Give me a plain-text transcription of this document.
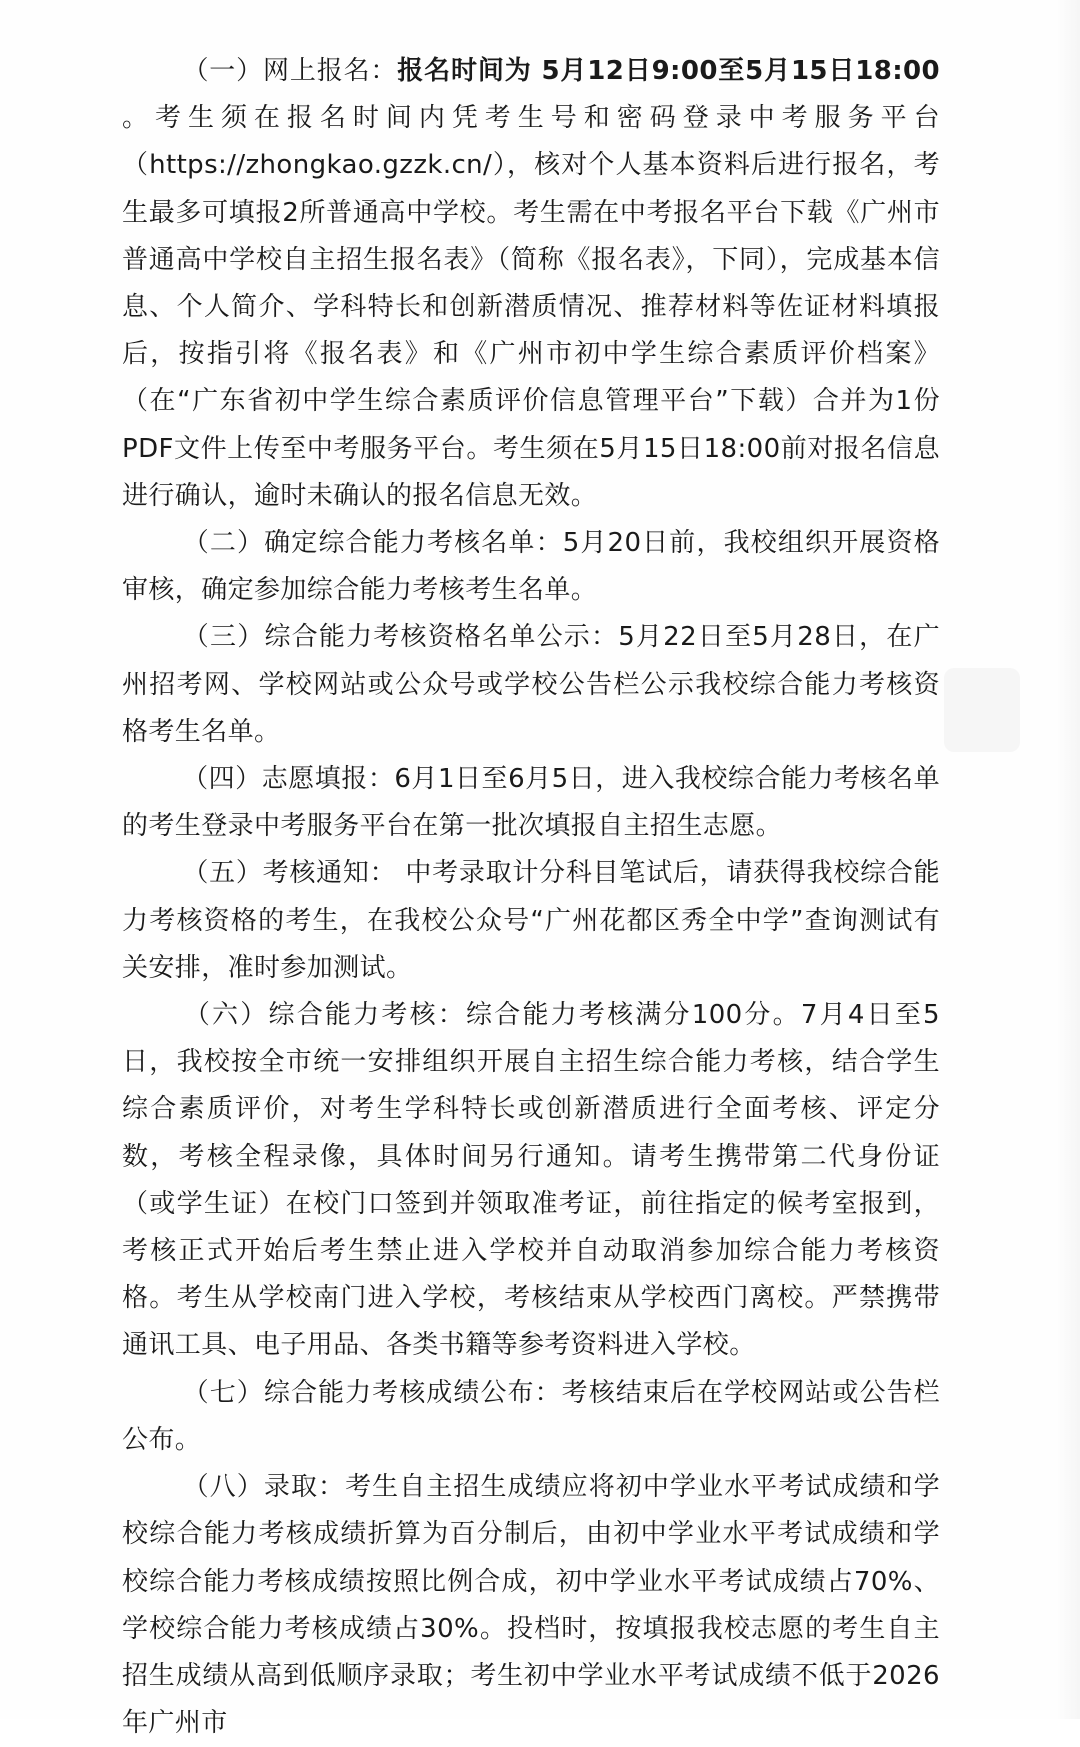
（一）网上报名：报名时间为 5月12日9:00至5月15日18:00 。考生须在报名时间内凭考生号和密码登录中考服务平台（https://zhongkao.gzzk.cn/），核对个人基本资料后进行报名，考生最多可填报2所普通高中学校。考生需在中考报名平台下载《广州市普通高中学校自主招生报名表》（简称《报名表》，下同），完成基本信息、个人简介、学科特长和创新潜质情况、推荐材料等佐证材料填报后，按指引将《报名表》和《广州市初中学生综合素质评价档案》（在“广东省初中学生综合素质评价信息管理平台”下载）合并为1份PDF文件上传至中考服务平台。考生须在5月15日18:00前对报名信息进行确认，逾时未确认的报名信息无效。

（二）确定综合能力考核名单：5月20日前，我校组织开展资格审核，确定参加综合能力考核考生名单。

（三）综合能力考核资格名单公示：5月22日至5月28日，在广州招考网、学校网站或公众号或学校公告栏公示我校综合能力考核资格考生名单。

（四）志愿填报：6月1日至6月5日，进入我校综合能力考核名单的考生登录中考服务平台在第一批次填报自主招生志愿。

（五）考核通知： 中考录取计分科目笔试后，请获得我校综合能力考核资格的考生，在我校公众号“广州花都区秀全中学”查询测试有关安排，准时参加测试。

（六）综合能力考核：综合能力考核满分100分。7月4日至5日，我校按全市统一安排组织开展自主招生综合能力考核，结合学生综合素质评价，对考生学科特长或创新潜质进行全面考核、评定分数，考核全程录像，具体时间另行通知。请考生携带第二代身份证（或学生证）在校门口签到并领取准考证，前往指定的候考室报到，考核正式开始后考生禁止进入学校并自动取消参加综合能力考核资格。考生从学校南门进入学校，考核结束从学校西门离校。严禁携带通讯工具、电子用品、各类书籍等参考资料进入学校。

（七）综合能力考核成绩公布：考核结束后在学校网站或公告栏公布。

（八）录取：考生自主招生成绩应将初中学业水平考试成绩和学校综合能力考核成绩折算为百分制后，由初中学业水平考试成绩和学校综合能力考核成绩按照比例合成，初中学业水平考试成绩占70%、学校综合能力考核成绩占30%。投档时，按填报我校志愿的考生自主招生成绩从高到低顺序录取；考生初中学业水平考试成绩不低于2026年广州市
